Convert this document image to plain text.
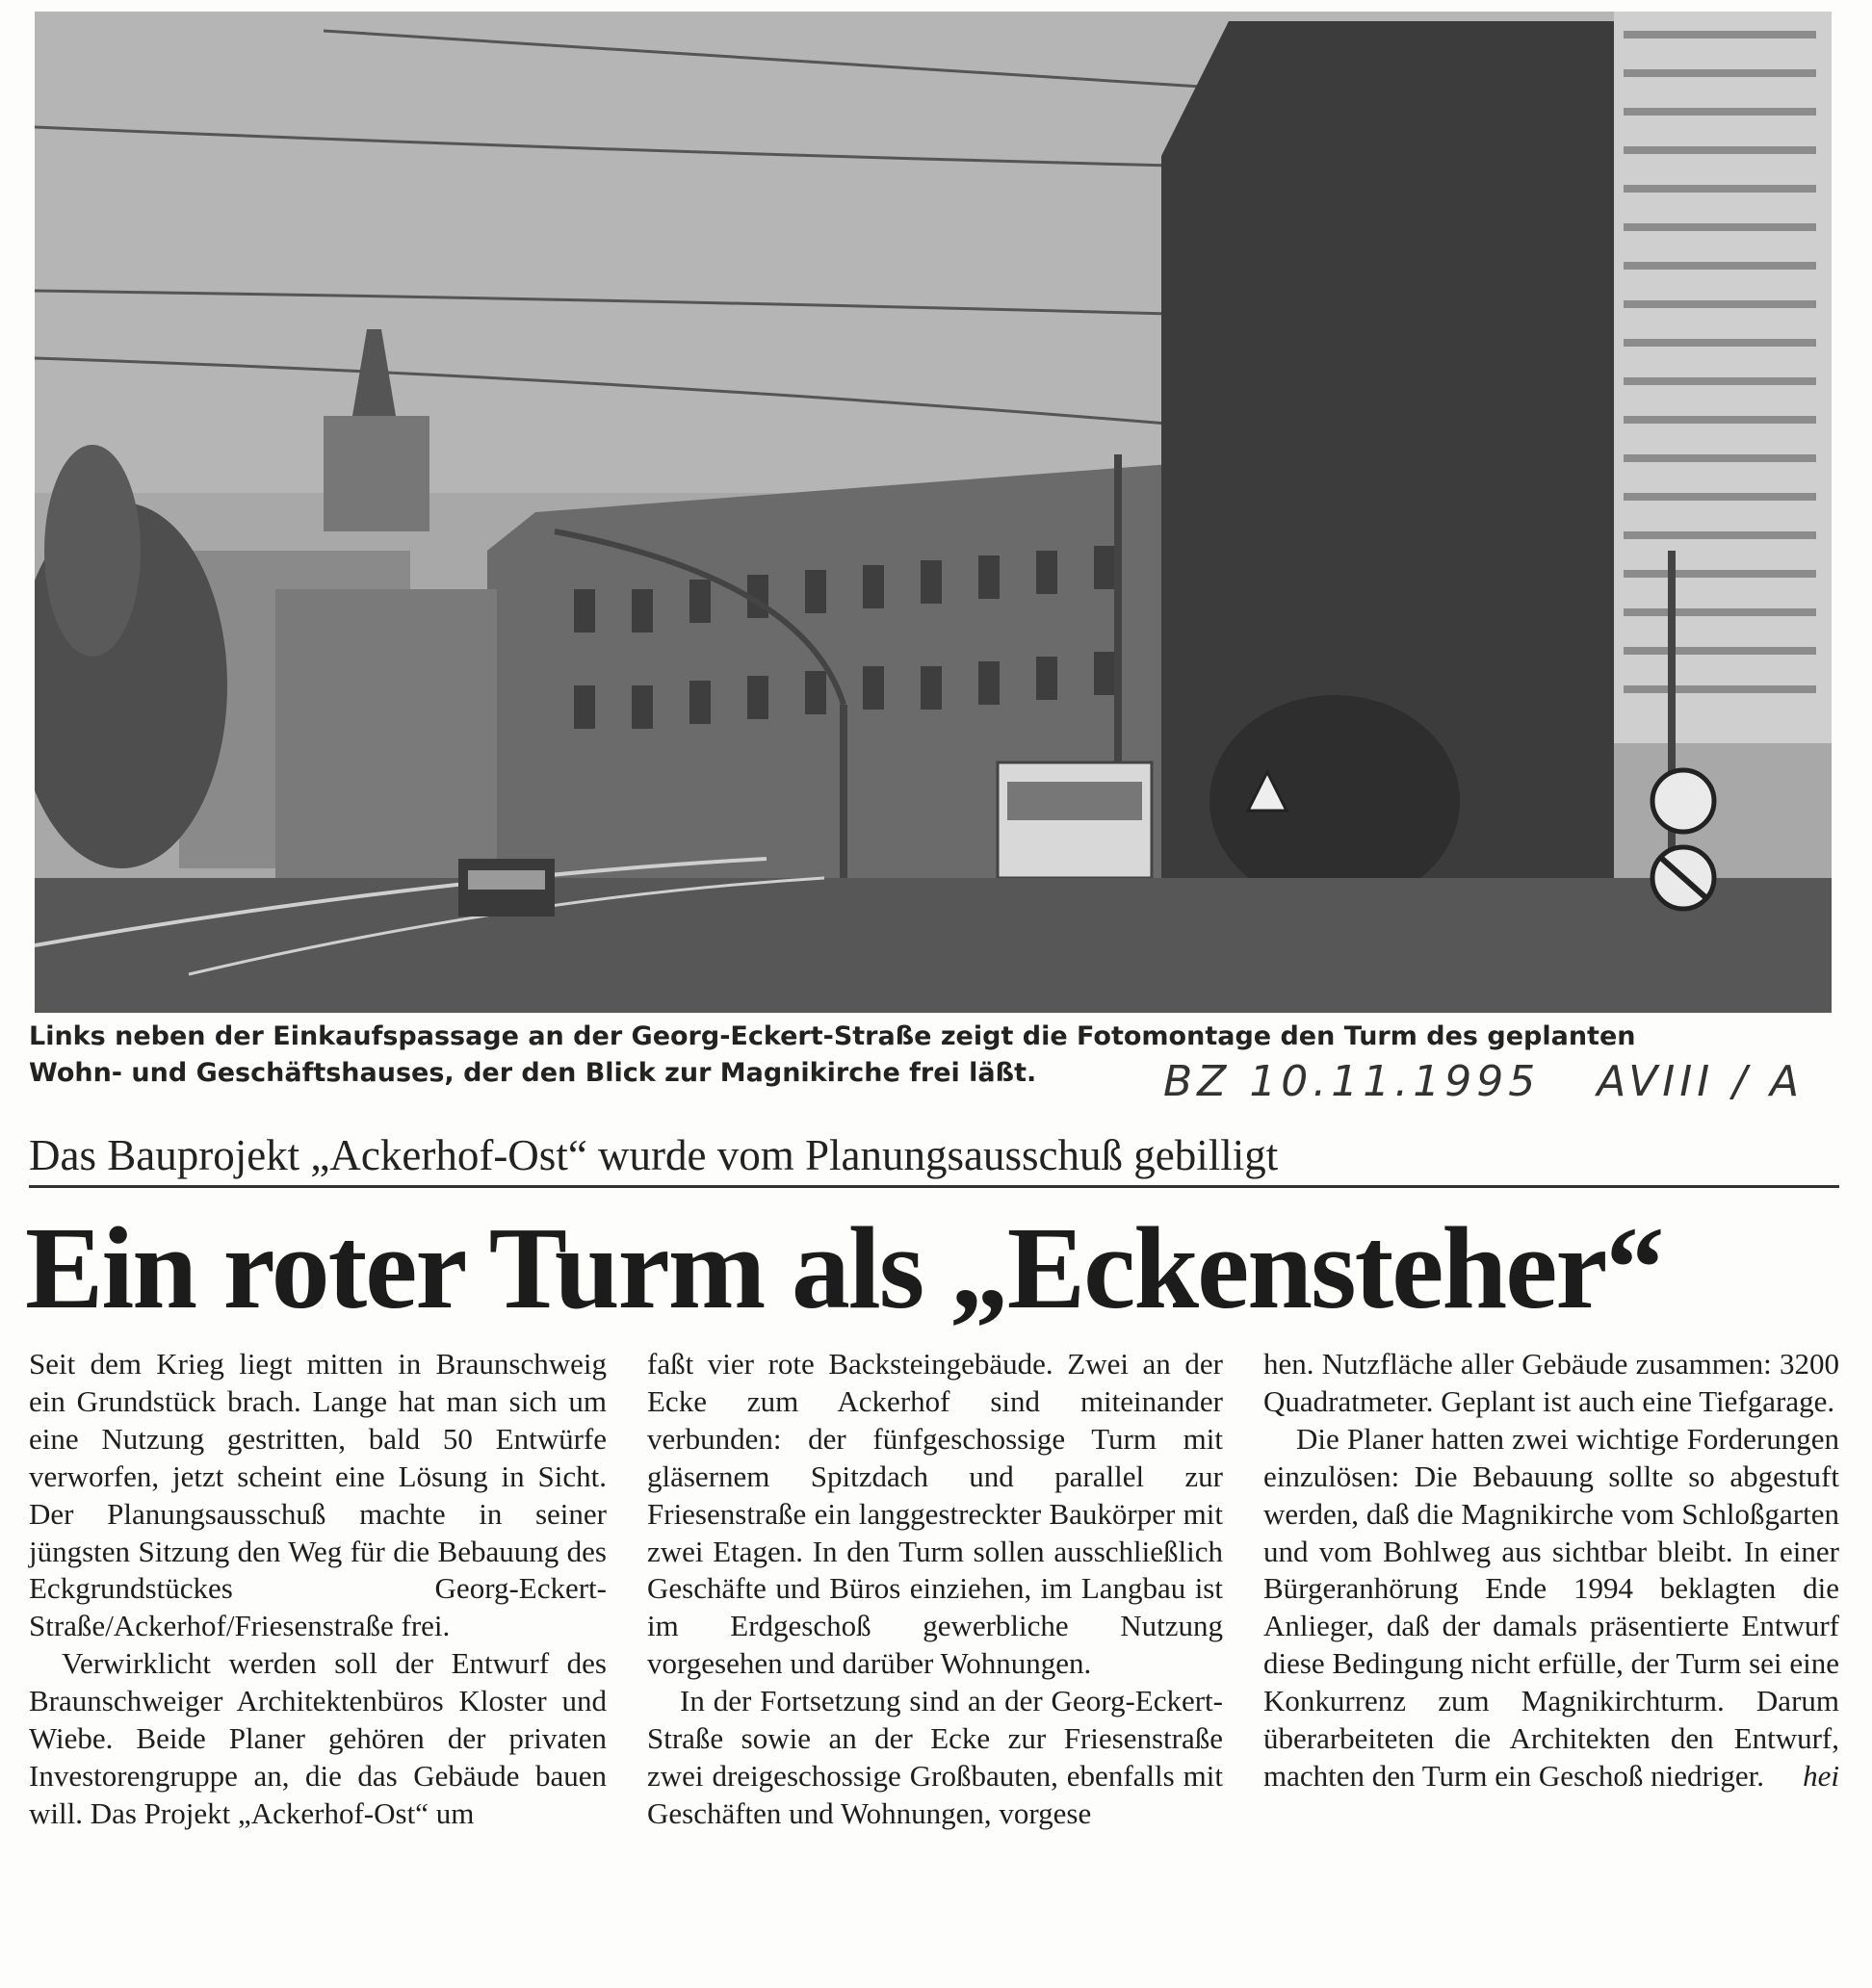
Links neben der Einkaufspassage an der Georg-Eckert-Straße zeigt die Fotomontage den Turm des geplanten
Wohn- und Geschäftshauses, der den Blick zur Magnikirche frei läßt.	BZ 10.11.1995 AVIII / A
Das Bauprojekt „Ackerhof-Ost“ wurde vom Planungsausschuß gebilligt
Ein roter Turm als „Eckensteher“

Seit dem Krieg liegt mitten in Braunschweig ein Grundstück brach. Lange hat man sich um eine Nutzung gestritten, bald 50 Entwürfe verworfen, jetzt scheint eine Lösung in Sicht. Der Planungsausschuß machte in seiner jüngsten Sitzung den Weg für die Bebauung des Eckgrundstückes Georg-Eckert-Straße/Ackerhof/Friesenstraße frei.

Verwirklicht werden soll der Entwurf des Braunschweiger Architektenbüros Kloster und Wiebe. Beide Planer gehören der privaten Investorengruppe an, die das Gebäude bauen will. Das Projekt „Ackerhof-Ost“ um

faßt vier rote Backsteingebäude. Zwei an der Ecke zum Ackerhof sind miteinander verbunden: der fünfgeschossige Turm mit gläsernem Spitzdach und parallel zur Friesenstraße ein langgestreckter Baukörper mit zwei Etagen. In den Turm sollen ausschließlich Geschäfte und Büros einziehen, im Langbau ist im Erdgeschoß gewerbliche Nutzung vorgesehen und darüber Wohnungen.

In der Fortsetzung sind an der Georg-Eckert-Straße sowie an der Ecke zur Friesenstraße zwei dreigeschossige Großbauten, ebenfalls mit Geschäften und Wohnungen, vorgese

hen. Nutzfläche aller Gebäude zusammen: 3200 Quadratmeter. Geplant ist auch eine Tiefgarage.

Die Planer hatten zwei wichtige Forderungen einzulösen: Die Bebauung sollte so abgestuft werden, daß die Magnikirche vom Schloßgarten und vom Bohlweg aus sichtbar bleibt. In einer Bürgeranhörung Ende 1994 beklagten die Anlieger, daß der damals präsentierte Entwurf diese Bedingung nicht erfülle, der Turm sei eine Konkurrenz zum Magnikirchturm. Darum überarbeiteten die Architekten den Entwurf, machten den Turm ein Geschoß niedriger.	hei
